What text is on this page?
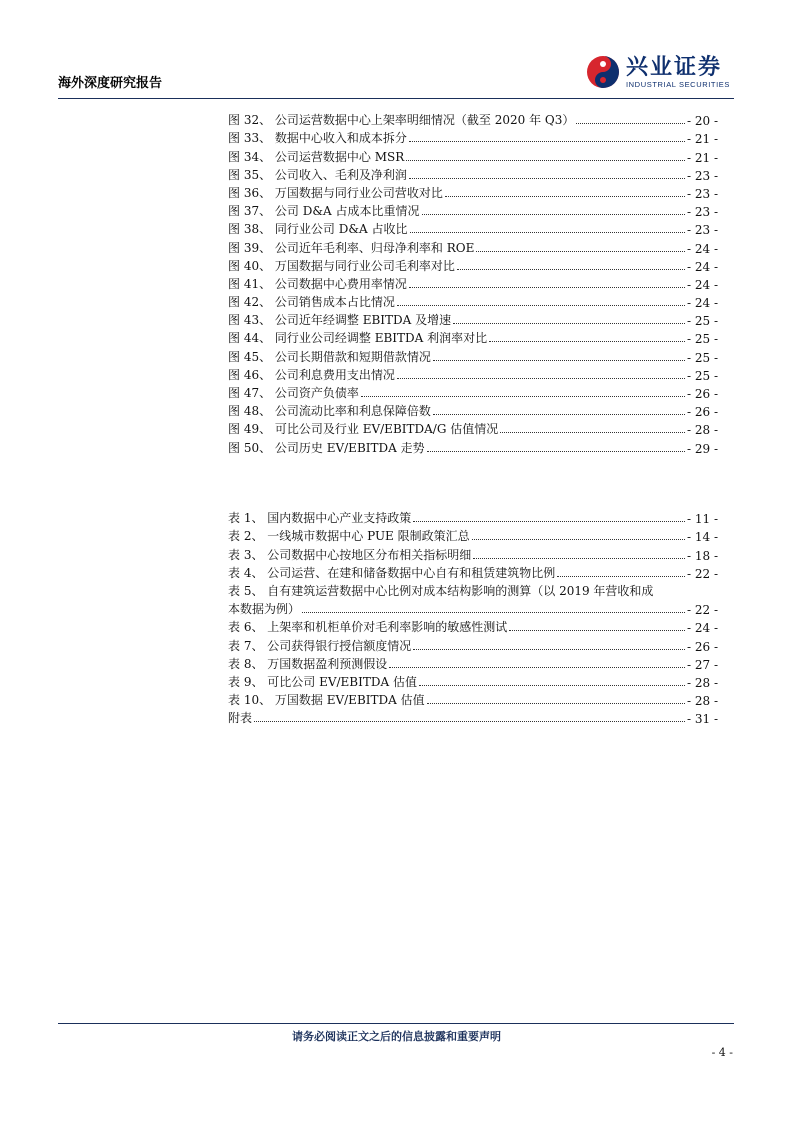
海外深度研究报告
兴业证券
INDUSTRIAL SECURITIES
图 32、 公司运营数据中心上架率明细情况（截至 2020 年 Q3）	- 20 -
图 33、 数据中心收入和成本拆分	- 21 -
图 34、 公司运营数据中心 MSR	- 21 -
图 35、 公司收入、毛利及净利润	- 23 -
图 36、 万国数据与同行业公司营收对比	- 23 -
图 37、 公司 D&A 占成本比重情况	- 23 -
图 38、 同行业公司 D&A 占收比	- 23 -
图 39、 公司近年毛利率、归母净利率和 ROE	- 24 -
图 40、 万国数据与同行业公司毛利率对比	- 24 -
图 41、 公司数据中心费用率情况	- 24 -
图 42、 公司销售成本占比情况	- 24 -
图 43、 公司近年经调整 EBITDA 及增速	- 25 -
图 44、 同行业公司经调整 EBITDA 利润率对比	- 25 -
图 45、 公司长期借款和短期借款情况	- 25 -
图 46、 公司利息费用支出情况	- 25 -
图 47、 公司资产负债率	- 26 -
图 48、 公司流动比率和利息保障倍数	- 26 -
图 49、 可比公司及行业 EV/EBITDA/G 估值情况	- 28 -
图 50、 公司历史 EV/EBITDA 走势	- 29 -
表 1、 国内数据中心产业支持政策	- 11 -
表 2、 一线城市数据中心 PUE 限制政策汇总	- 14 -
表 3、 公司数据中心按地区分布相关指标明细	- 18 -
表 4、 公司运营、在建和储备数据中心自有和租赁建筑物比例	- 22 -
表 5、 自有建筑运营数据中心比例对成本结构影响的测算（以 2019 年营收和成
本数据为例）	- 22 -
表 6、 上架率和机柜单价对毛利率影响的敏感性测试	- 24 -
表 7、 公司获得银行授信额度情况	- 26 -
表 8、 万国数据盈利预测假设	- 27 -
表 9、 可比公司 EV/EBITDA 估值	- 28 -
表 10、 万国数据 EV/EBITDA 估值	- 28 -
附表	- 31 -
请务必阅读正文之后的信息披露和重要声明
- 4 -
